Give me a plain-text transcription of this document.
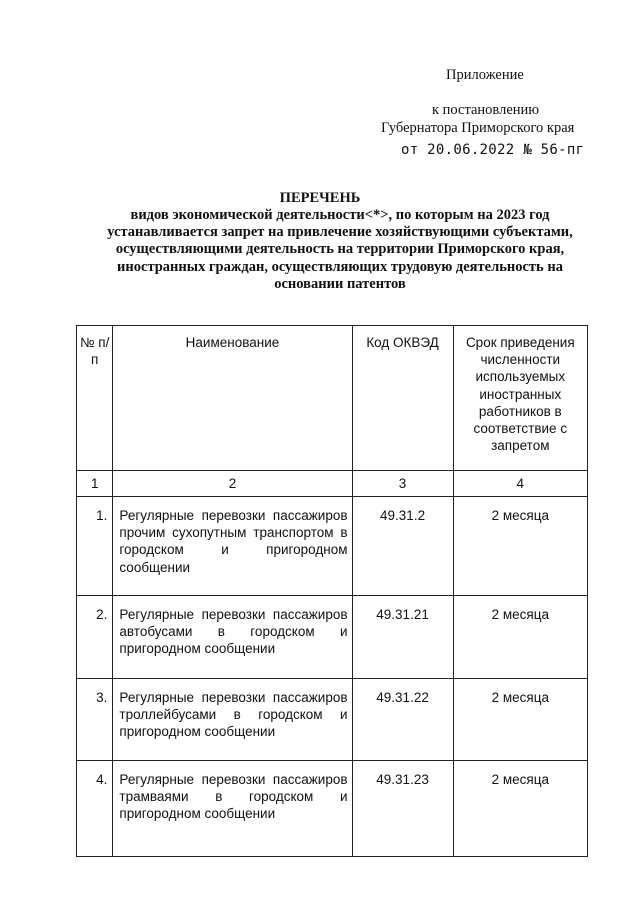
Приложение
к постановлению
Губернатора Приморского края
от 20.06.2022 № 56-пг
ПЕРЕЧЕНЬ
видов экономической деятельности<*>, по которым на 2023 год устанавливается запрет на привлечение хозяйствующими субъектами, осуществляющими деятельность на территории Приморского края, иностранных граждан, осуществляющих трудовую деятельность на основании патентов
№ п/п	Наименование	Код ОКВЭД	Срок приведения численности используемых иностранных работников в соответствие с запретом
1	2	3	4
1.	Регулярные перевозки пассажиров прочим сухопутным транспортом в городском и пригородном сообщении	49.31.2	2 месяца
2.	Регулярные перевозки пассажиров автобусами в городском и пригородном сообщении	49.31.21	2 месяца
3.	Регулярные перевозки пассажиров троллейбусами в городском и пригородном сообщении	49.31.22	2 месяца
4.	Регулярные перевозки пассажиров трамваями в городском и пригородном сообщении	49.31.23	2 месяца
